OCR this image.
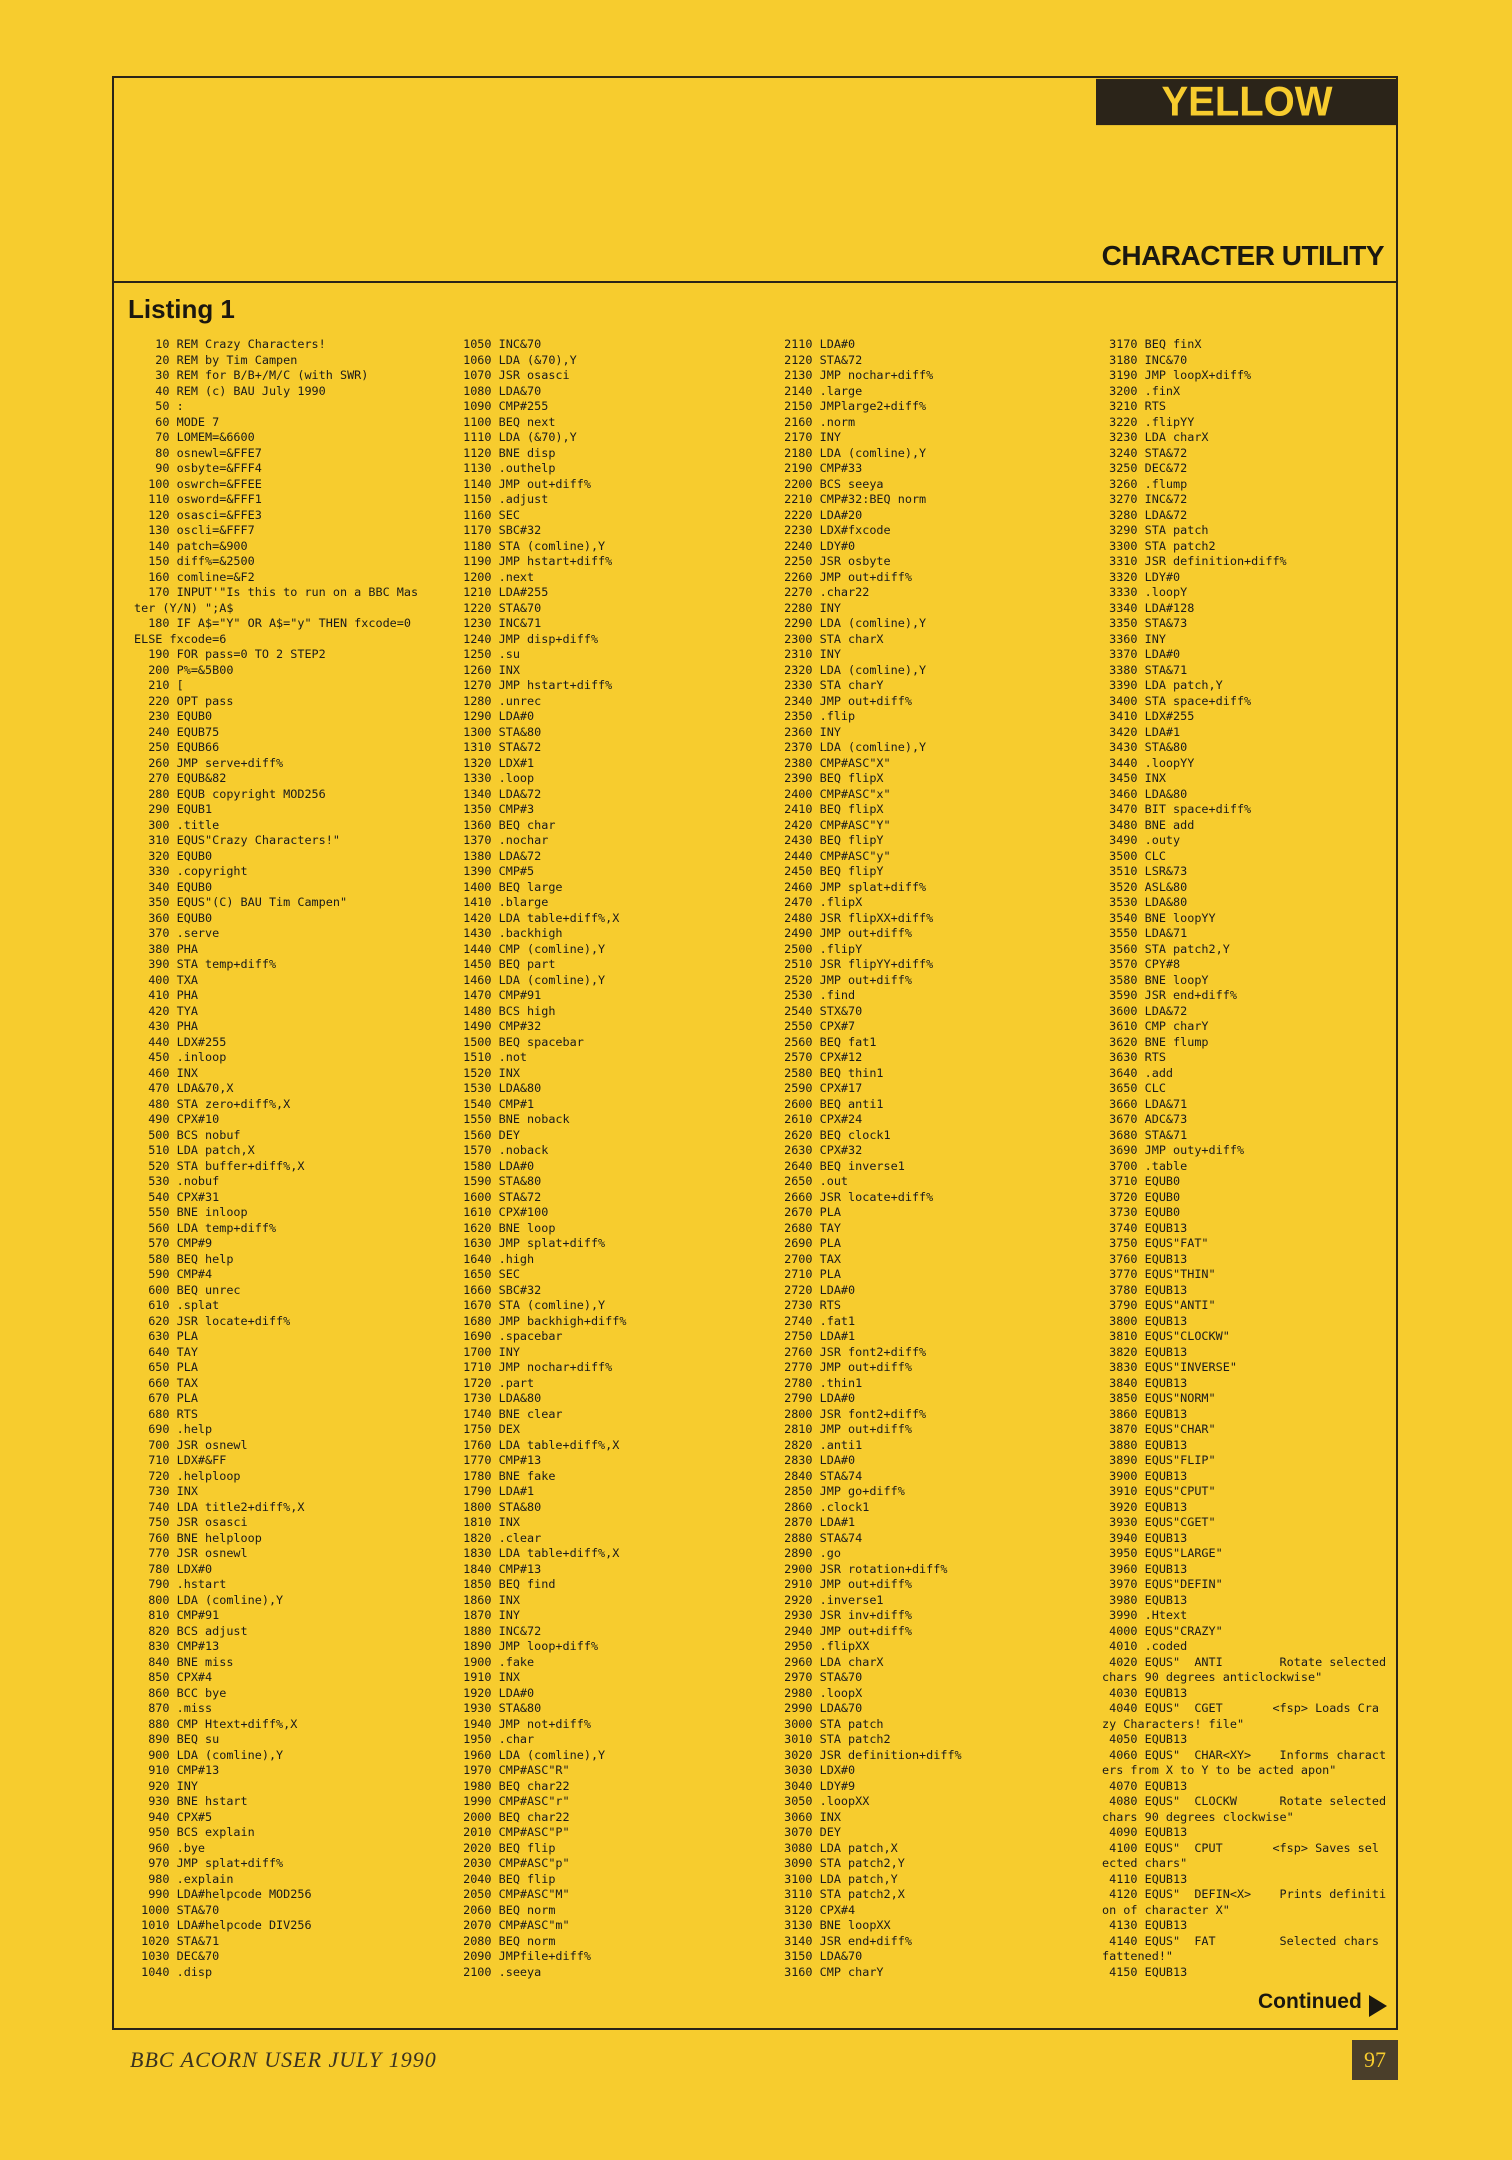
YELLOW PAGES
CHARACTER UTILITY
Listing 1
10 REM Crazy Characters!
20 REM by Tim Campen
30 REM for B/B+/M/C (with SWR)
40 REM (c) BAU July 1990
50 :
60 MODE 7
70 LOMEM=&6600
80 osnewl=&FFE7
90 osbyte=&FFF4
100 oswrch=&FFEE
110 osword=&FFF1
120 osasci=&FFE3
130 oscli=&FFF7
140 patch=&900
150 diff%=&2500
160 comline=&F2
170 INPUT'"Is this to run on a BBC Mas
ter (Y/N) ";A$
180 IF A$="Y" OR A$="y" THEN fxcode=0
ELSE fxcode=6
190 FOR pass=0 TO 2 STEP2
200 P%=&5B00
210 [
220 OPT pass
230 EQUB0
240 EQUB75
250 EQUB66
260 JMP serve+diff%
270 EQUB&82
280 EQUB copyright MOD256
290 EQUB1
300 .title
310 EQUS"Crazy Characters!"
320 EQUB0
330 .copyright
340 EQUB0
350 EQUS"(C) BAU Tim Campen"
360 EQUB0
370 .serve
380 PHA
390 STA temp+diff%
400 TXA
410 PHA
420 TYA
430 PHA
440 LDX#255
450 .inloop
460 INX
470 LDA&70,X
480 STA zero+diff%,X
490 CPX#10
500 BCS nobuf
510 LDA patch,X
520 STA buffer+diff%,X
530 .nobuf
540 CPX#31
550 BNE inloop
560 LDA temp+diff%
570 CMP#9
580 BEQ help
590 CMP#4
600 BEQ unrec
610 .splat
620 JSR locate+diff%
630 PLA
640 TAY
650 PLA
660 TAX
670 PLA
680 RTS
690 .help
700 JSR osnewl
710 LDX#&FF
720 .helploop
730 INX
740 LDA title2+diff%,X
750 JSR osasci
760 BNE helploop
770 JSR osnewl
780 LDX#0
790 .hstart
800 LDA (comline),Y
810 CMP#91
820 BCS adjust
830 CMP#13
840 BNE miss
850 CPX#4
860 BCC bye
870 .miss
880 CMP Htext+diff%,X
890 BEQ su
900 LDA (comline),Y
910 CMP#13
920 INY
930 BNE hstart
940 CPX#5
950 BCS explain
960 .bye
970 JMP splat+diff%
980 .explain
990 LDA#helpcode MOD256
1000 STA&70
1010 LDA#helpcode DIV256
1020 STA&71
1030 DEC&70
1040 .disp
1050 INC&70
1060 LDA (&70),Y
1070 JSR osasci
1080 LDA&70
1090 CMP#255
1100 BEQ next
1110 LDA (&70),Y
1120 BNE disp
1130 .outhelp
1140 JMP out+diff%
1150 .adjust
1160 SEC
1170 SBC#32
1180 STA (comline),Y
1190 JMP hstart+diff%
1200 .next
1210 LDA#255
1220 STA&70
1230 INC&71
1240 JMP disp+diff%
1250 .su
1260 INX
1270 JMP hstart+diff%
1280 .unrec
1290 LDA#0
1300 STA&80
1310 STA&72
1320 LDX#1
1330 .loop
1340 LDA&72
1350 CMP#3
1360 BEQ char
1370 .nochar
1380 LDA&72
1390 CMP#5
1400 BEQ large
1410 .blarge
1420 LDA table+diff%,X
1430 .backhigh
1440 CMP (comline),Y
1450 BEQ part
1460 LDA (comline),Y
1470 CMP#91
1480 BCS high
1490 CMP#32
1500 BEQ spacebar
1510 .not
1520 INX
1530 LDA&80
1540 CMP#1
1550 BNE noback
1560 DEY
1570 .noback
1580 LDA#0
1590 STA&80
1600 STA&72
1610 CPX#100
1620 BNE loop
1630 JMP splat+diff%
1640 .high
1650 SEC
1660 SBC#32
1670 STA (comline),Y
1680 JMP backhigh+diff%
1690 .spacebar
1700 INY
1710 JMP nochar+diff%
1720 .part
1730 LDA&80
1740 BNE clear
1750 DEX
1760 LDA table+diff%,X
1770 CMP#13
1780 BNE fake
1790 LDA#1
1800 STA&80
1810 INX
1820 .clear
1830 LDA table+diff%,X
1840 CMP#13
1850 BEQ find
1860 INX
1870 INY
1880 INC&72
1890 JMP loop+diff%
1900 .fake
1910 INX
1920 LDA#0
1930 STA&80
1940 JMP not+diff%
1950 .char
1960 LDA (comline),Y
1970 CMP#ASC"R"
1980 BEQ char22
1990 CMP#ASC"r"
2000 BEQ char22
2010 CMP#ASC"P"
2020 BEQ flip
2030 CMP#ASC"p"
2040 BEQ flip
2050 CMP#ASC"M"
2060 BEQ norm
2070 CMP#ASC"m"
2080 BEQ norm
2090 JMPfile+diff%
2100 .seeya
2110 LDA#0
2120 STA&72
2130 JMP nochar+diff%
2140 .large
2150 JMPlarge2+diff%
2160 .norm
2170 INY
2180 LDA (comline),Y
2190 CMP#33
2200 BCS seeya
2210 CMP#32:BEQ norm
2220 LDA#20
2230 LDX#fxcode
2240 LDY#0
2250 JSR osbyte
2260 JMP out+diff%
2270 .char22
2280 INY
2290 LDA (comline),Y
2300 STA charX
2310 INY
2320 LDA (comline),Y
2330 STA charY
2340 JMP out+diff%
2350 .flip
2360 INY
2370 LDA (comline),Y
2380 CMP#ASC"X"
2390 BEQ flipX
2400 CMP#ASC"x"
2410 BEQ flipX
2420 CMP#ASC"Y"
2430 BEQ flipY
2440 CMP#ASC"y"
2450 BEQ flipY
2460 JMP splat+diff%
2470 .flipX
2480 JSR flipXX+diff%
2490 JMP out+diff%
2500 .flipY
2510 JSR flipYY+diff%
2520 JMP out+diff%
2530 .find
2540 STX&70
2550 CPX#7
2560 BEQ fat1
2570 CPX#12
2580 BEQ thin1
2590 CPX#17
2600 BEQ anti1
2610 CPX#24
2620 BEQ clock1
2630 CPX#32
2640 BEQ inverse1
2650 .out
2660 JSR locate+diff%
2670 PLA
2680 TAY
2690 PLA
2700 TAX
2710 PLA
2720 LDA#0
2730 RTS
2740 .fat1
2750 LDA#1
2760 JSR font2+diff%
2770 JMP out+diff%
2780 .thin1
2790 LDA#0
2800 JSR font2+diff%
2810 JMP out+diff%
2820 .anti1
2830 LDA#0
2840 STA&74
2850 JMP go+diff%
2860 .clock1
2870 LDA#1
2880 STA&74
2890 .go
2900 JSR rotation+diff%
2910 JMP out+diff%
2920 .inverse1
2930 JSR inv+diff%
2940 JMP out+diff%
2950 .flipXX
2960 LDA charX
2970 STA&70
2980 .loopX
2990 LDA&70
3000 STA patch
3010 STA patch2
3020 JSR definition+diff%
3030 LDX#0
3040 LDY#9
3050 .loopXX
3060 INX
3070 DEY
3080 LDA patch,X
3090 STA patch2,Y
3100 LDA patch,Y
3110 STA patch2,X
3120 CPX#4
3130 BNE loopXX
3140 JSR end+diff%
3150 LDA&70
3160 CMP charY
3170 BEQ finX
3180 INC&70
3190 JMP loopX+diff%
3200 .finX
3210 RTS
3220 .flipYY
3230 LDA charX
3240 STA&72
3250 DEC&72
3260 .flump
3270 INC&72
3280 LDA&72
3290 STA patch
3300 STA patch2
3310 JSR definition+diff%
3320 LDY#0
3330 .loopY
3340 LDA#128
3350 STA&73
3360 INY
3370 LDA#0
3380 STA&71
3390 LDA patch,Y
3400 STA space+diff%
3410 LDX#255
3420 LDA#1
3430 STA&80
3440 .loopYY
3450 INX
3460 LDA&80
3470 BIT space+diff%
3480 BNE add
3490 .outy
3500 CLC
3510 LSR&73
3520 ASL&80
3530 LDA&80
3540 BNE loopYY
3550 LDA&71
3560 STA patch2,Y
3570 CPY#8
3580 BNE loopY
3590 JSR end+diff%
3600 LDA&72
3610 CMP charY
3620 BNE flump
3630 RTS
3640 .add
3650 CLC
3660 LDA&71
3670 ADC&73
3680 STA&71
3690 JMP outy+diff%
3700 .table
3710 EQUB0
3720 EQUB0
3730 EQUB0
3740 EQUB13
3750 EQUS"FAT"
3760 EQUB13
3770 EQUS"THIN"
3780 EQUB13
3790 EQUS"ANTI"
3800 EQUB13
3810 EQUS"CLOCKW"
3820 EQUB13
3830 EQUS"INVERSE"
3840 EQUB13
3850 EQUS"NORM"
3860 EQUB13
3870 EQUS"CHAR"
3880 EQUB13
3890 EQUS"FLIP"
3900 EQUB13
3910 EQUS"CPUT"
3920 EQUB13
3930 EQUS"CGET"
3940 EQUB13
3950 EQUS"LARGE"
3960 EQUB13
3970 EQUS"DEFIN"
3980 EQUB13
3990 .Htext
4000 EQUS"CRAZY"
4010 .coded
4020 EQUS"  ANTI        Rotate selected
chars 90 degrees anticlockwise"
4030 EQUB13
4040 EQUS"  CGET       <fsp> Loads Cra
zy Characters! file"
4050 EQUB13
4060 EQUS"  CHAR<XY>    Informs charact
ers from X to Y to be acted apon"
4070 EQUB13
4080 EQUS"  CLOCKW      Rotate selected
chars 90 degrees clockwise"
4090 EQUB13
4100 EQUS"  CPUT       <fsp> Saves sel
ected chars"
4110 EQUB13
4120 EQUS"  DEFIN<X>    Prints definiti
on of character X"
4130 EQUB13
4140 EQUS"  FAT         Selected chars
fattened!"
4150 EQUB13
Continued
BBC ACORN USER JULY 1990	97
